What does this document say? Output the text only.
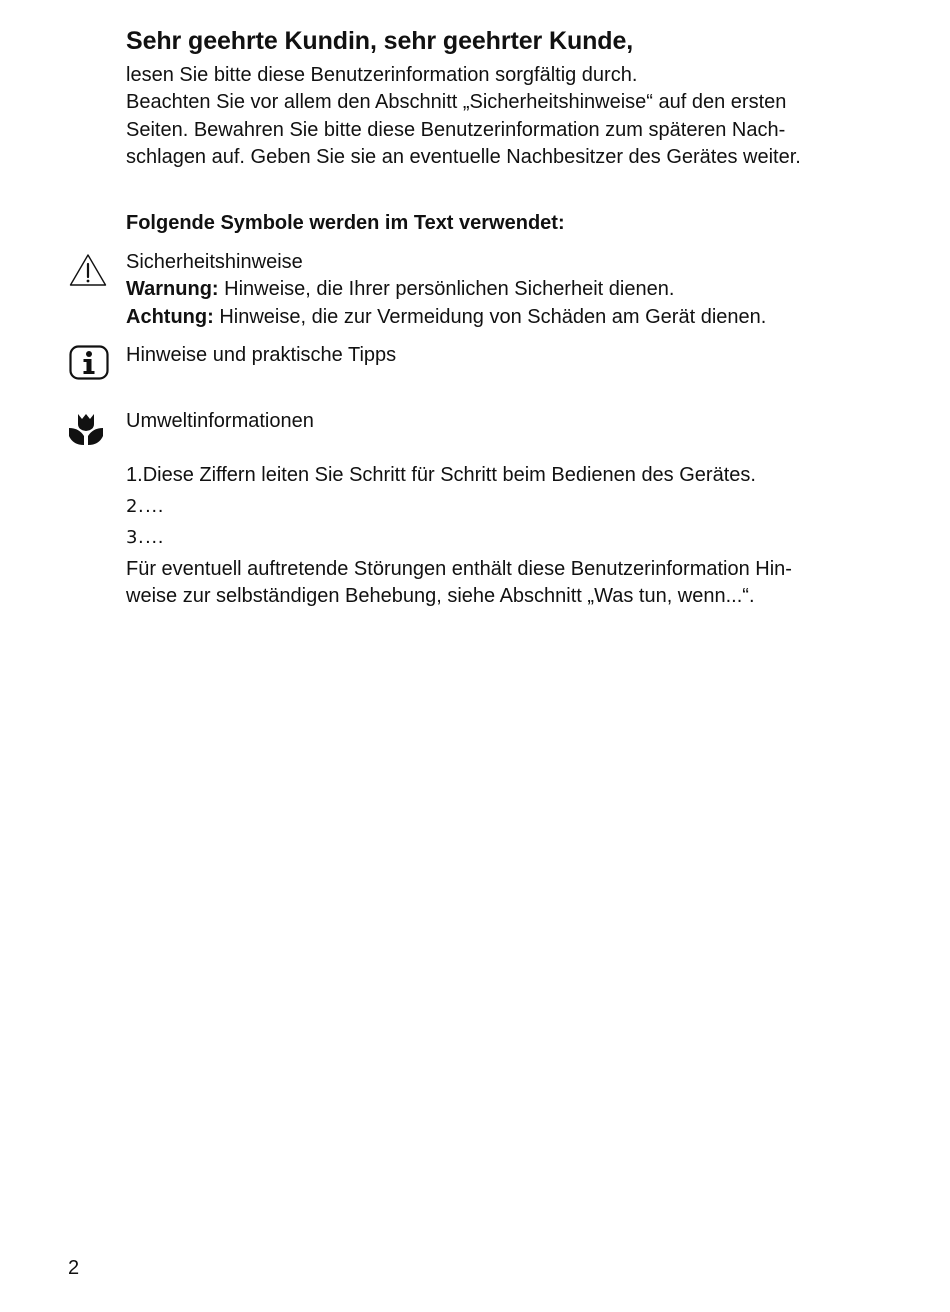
Sehr geehrte Kundin, sehr geehrter Kunde,

lesen Sie bitte diese Benutzerinformation sorgfältig durch.
Beachten Sie vor allem den Abschnitt „Sicherheitshinweise“ auf den ersten
Seiten. Bewahren Sie bitte diese Benutzerinformation zum späteren Nach-
schlagen auf. Geben Sie sie an eventuelle Nachbesitzer des Gerätes weiter.

Folgende Symbole werden im Text verwendet:
Sicherheitshinweise
Warnung: Hinweise, die Ihrer persönlichen Sicherheit dienen.
Achtung: Hinweise, die zur Vermeidung von Schäden am Gerät dienen.
Hinweise und praktische Tipps
Umweltinformationen
1.Diese Ziffern leiten Sie Schritt für Schritt beim Bedienen des Gerätes.
2.…
3.…
Für eventuell auftretende Störungen enthält diese Benutzerinformation Hin-
weise zur selbständigen Behebung, siehe Abschnitt „Was tun, wenn...“.
2
